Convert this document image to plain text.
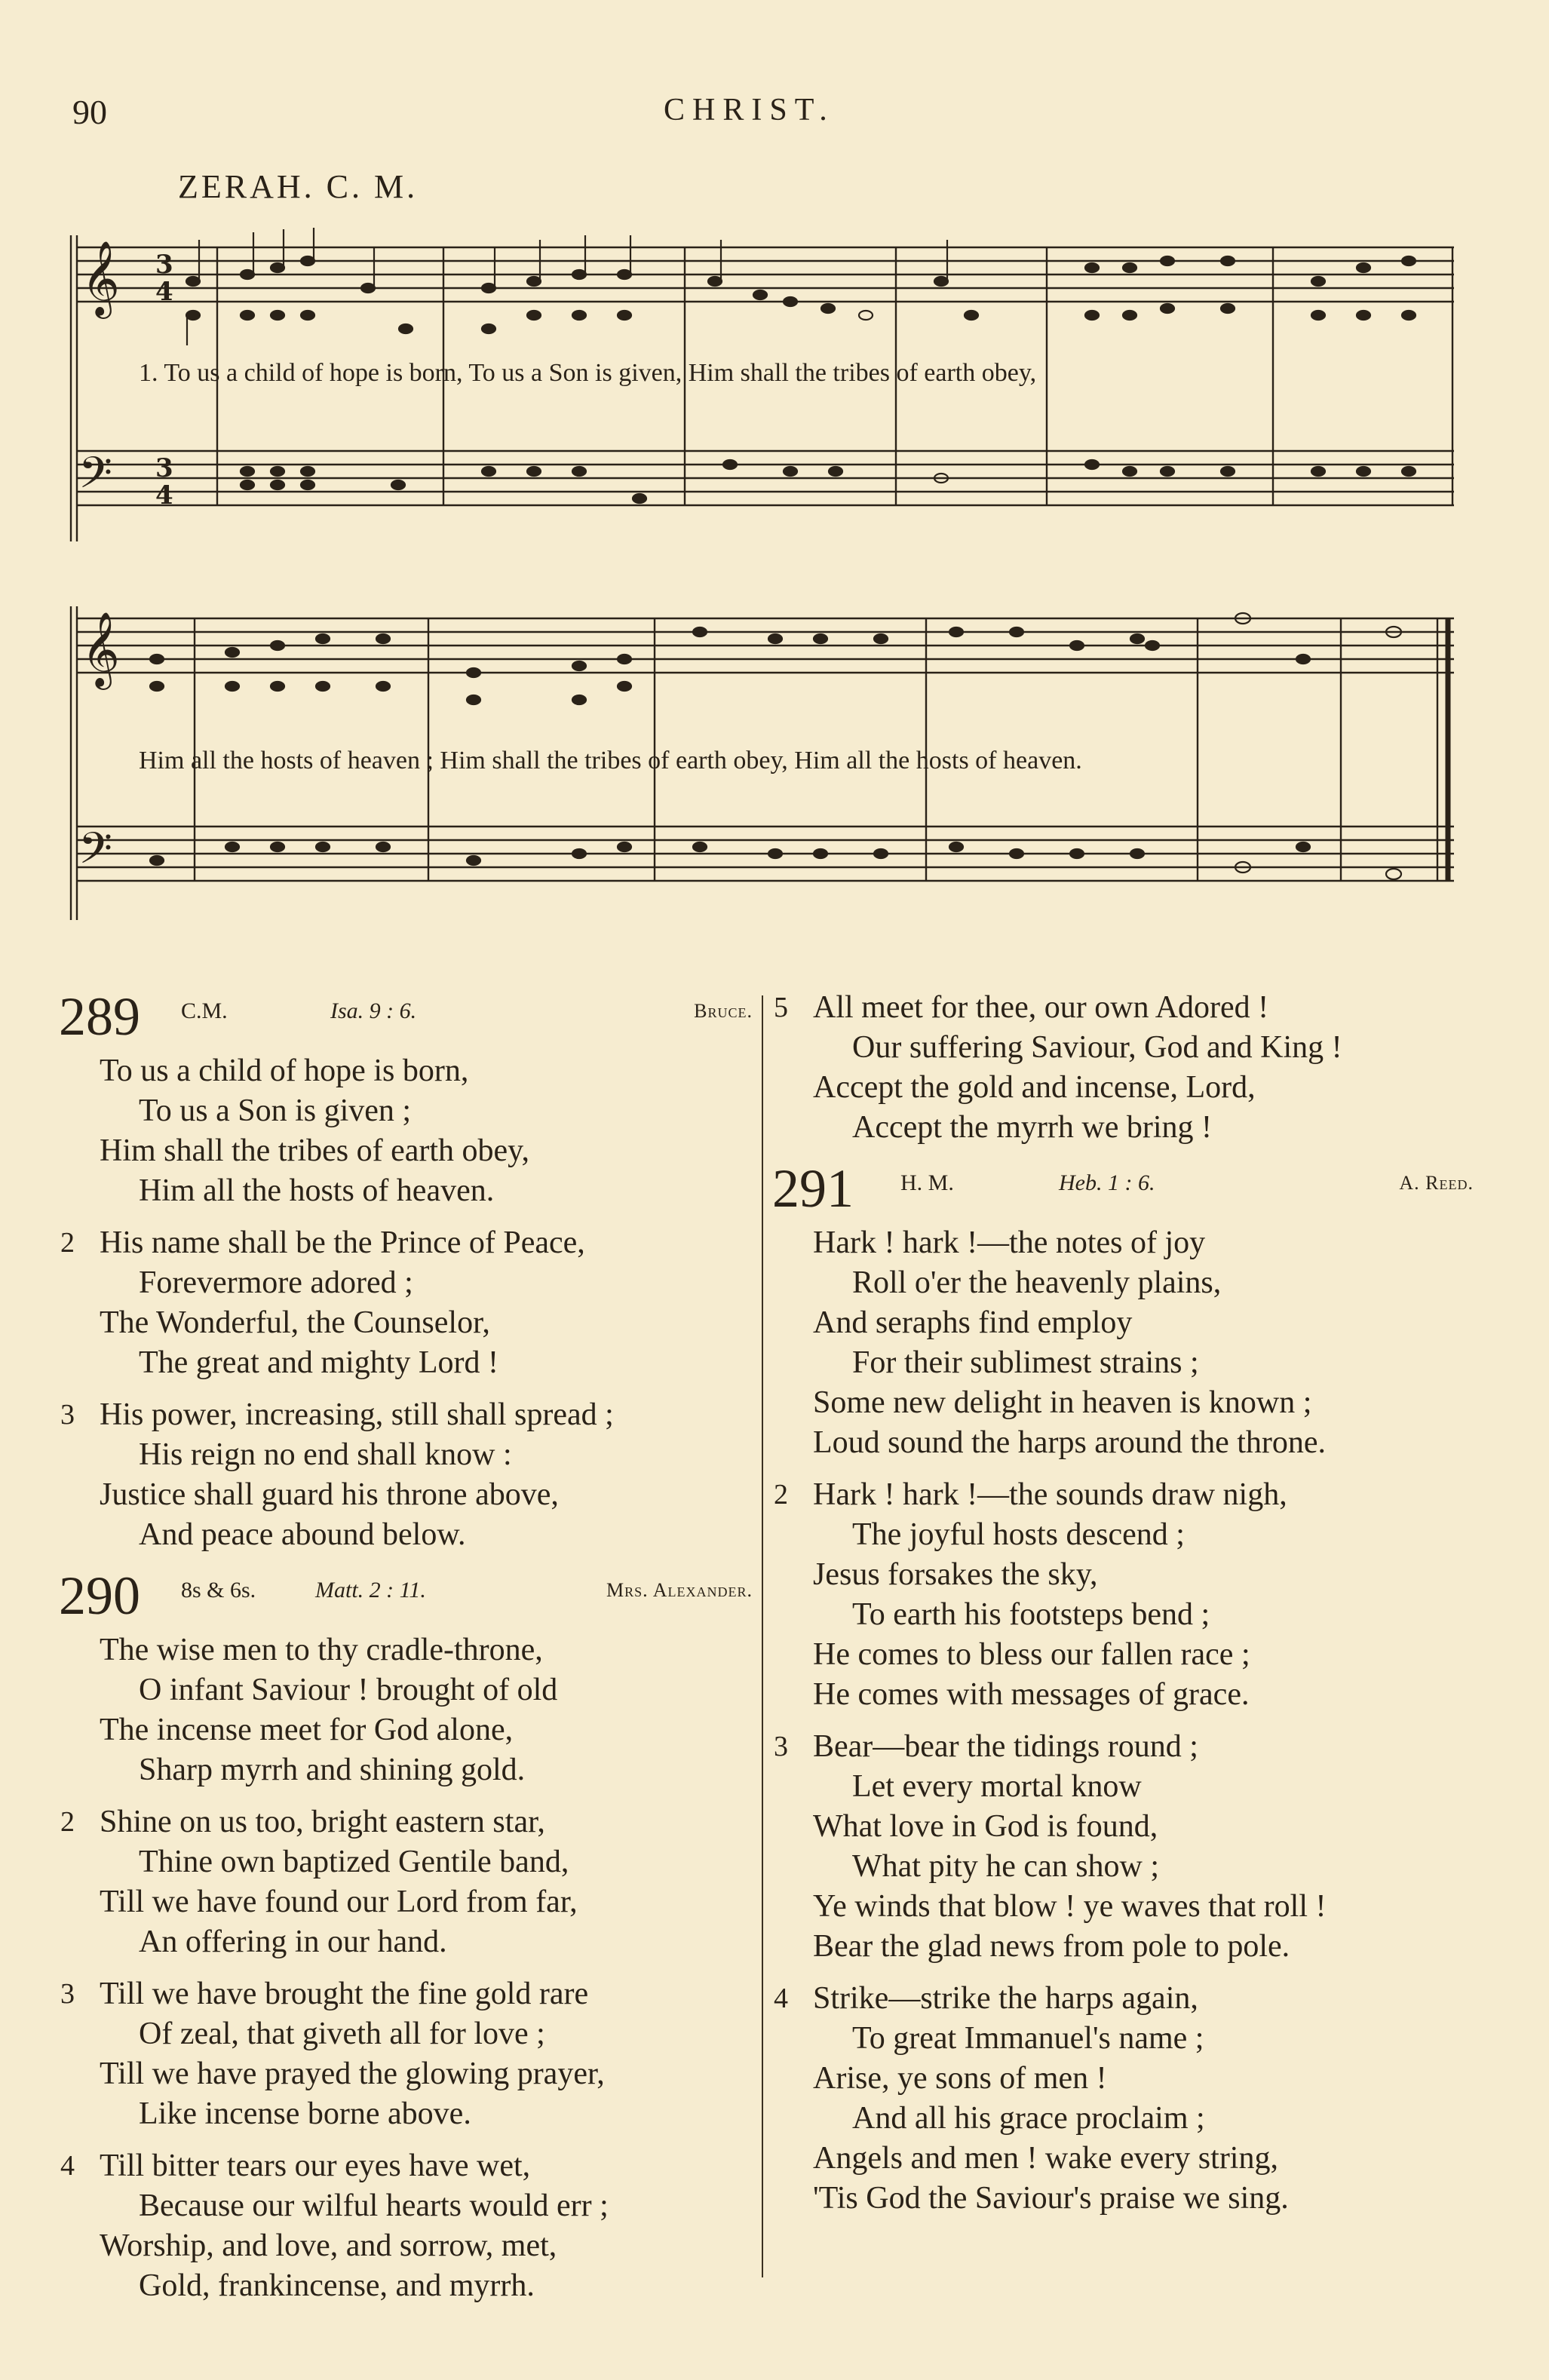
90	CHRIST.
ZERAH. C. M.
𝄞
𝄢
3
4
3
4
1. To us a child of hope is born, To us a Son is given, Him shall the tribes of earth obey,
𝄞
𝄢
Him all the hosts of heaven ; Him shall the tribes of earth obey, Him all the hosts of heaven.
289 C.M.	Isa. 9 : 6.	Bruce.
To us a child of hope is born,
To us a Son is given ;
Him shall the tribes of earth obey,
Him all the hosts of heaven.
2 His name shall be the Prince of Peace,
Forevermore adored ;
The Wonderful, the Counselor,
The great and mighty Lord !
3 His power, increasing, still shall spread ;
His reign no end shall know :
Justice shall guard his throne above,
And peace abound below.
290 8s & 6s.	Matt. 2 : 11.	Mrs. Alexander.
The wise men to thy cradle-throne,
O infant Saviour ! brought of old
The incense meet for God alone,
Sharp myrrh and shining gold.
2 Shine on us too, bright eastern star,
Thine own baptized Gentile band,
Till we have found our Lord from far,
An offering in our hand.
3 Till we have brought the fine gold rare
Of zeal, that giveth all for love ;
Till we have prayed the glowing prayer,
Like incense borne above.
4 Till bitter tears our eyes have wet,
Because our wilful hearts would err ;
Worship, and love, and sorrow, met,
Gold, frankincense, and myrrh.
5 All meet for thee, our own Adored !
Our suffering Saviour, God and King !
Accept the gold and incense, Lord,
Accept the myrrh we bring !
291 H. M.	Heb. 1 : 6.	A. Reed.
Hark ! hark !—the notes of joy
Roll o'er the heavenly plains,
And seraphs find employ
For their sublimest strains ;
Some new delight in heaven is known ;
Loud sound the harps around the throne.
2 Hark ! hark !—the sounds draw nigh,
The joyful hosts descend ;
Jesus forsakes the sky,
To earth his footsteps bend ;
He comes to bless our fallen race ;
He comes with messages of grace.
3 Bear—bear the tidings round ;
Let every mortal know
What love in God is found,
What pity he can show ;
Ye winds that blow ! ye waves that roll !
Bear the glad news from pole to pole.
4 Strike—strike the harps again,
To great Immanuel's name ;
Arise, ye sons of men !
And all his grace proclaim ;
Angels and men ! wake every string,
'Tis God the Saviour's praise we sing.
